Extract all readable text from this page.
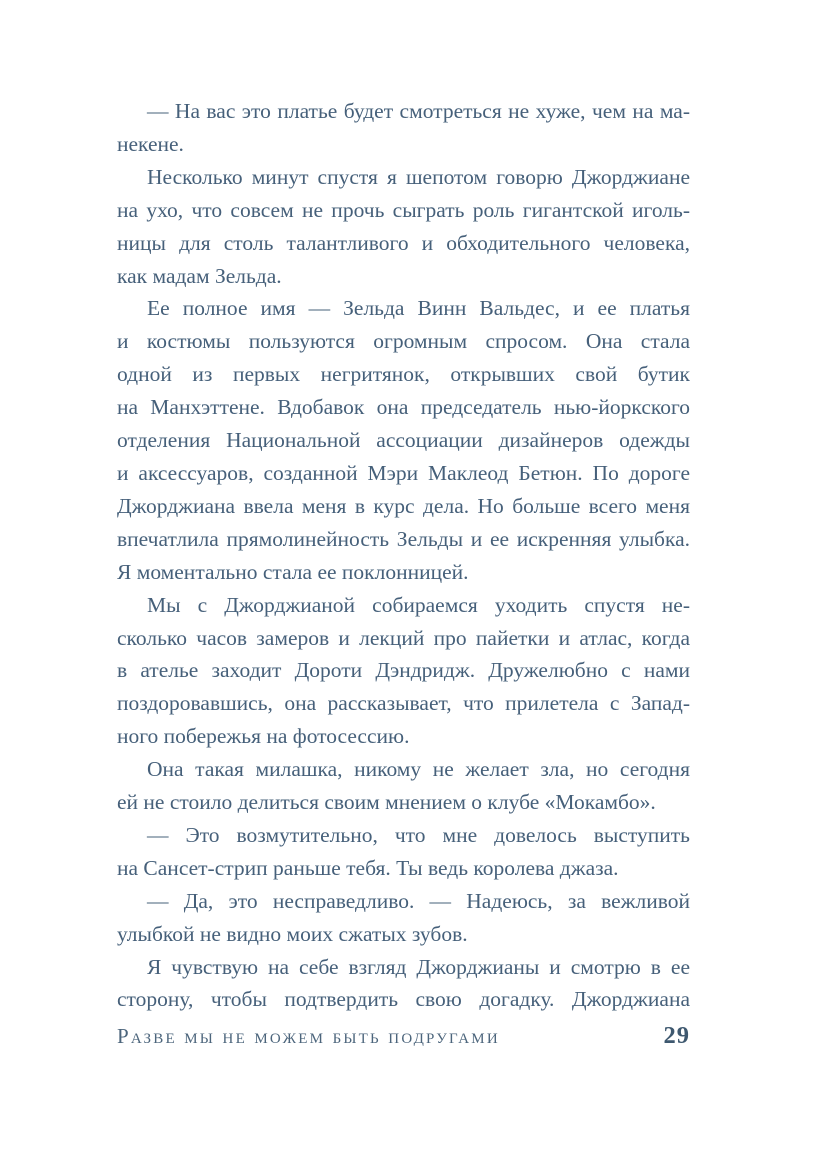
— На вас это платье будет смотреться не хуже, чем на ма-
некене.
Несколько минут спустя я шепотом говорю Джорджиане
на ухо, что совсем не прочь сыграть роль гигантской иголь-
ницы для столь талантливого и обходительного человека,
как мадам Зельда.
Ее полное имя — Зельда Винн Вальдес, и ее платья
и костюмы пользуются огромным спросом. Она стала
одной из первых негритянок, открывших свой бутик
на Манхэттене. Вдобавок она председатель нью-йоркского
отделения Национальной ассоциации дизайнеров одежды
и аксессуаров, созданной Мэри Маклеод Бетюн. По дороге
Джорджиана ввела меня в курс дела. Но больше всего меня
впечатлила прямолинейность Зельды и ее искренняя улыбка.
Я моментально стала ее поклонницей.
Мы с Джорджианой собираемся уходить спустя не-
сколько часов замеров и лекций про пайетки и атлас, когда
в ателье заходит Дороти Дэндридж. Дружелюбно с нами
поздоровавшись, она рассказывает, что прилетела с Запад-
ного побережья на фотосессию.
Она такая милашка, никому не желает зла, но сегодня
ей не стоило делиться своим мнением о клубе «Мокамбо».
— Это возмутительно, что мне довелось выступить
на Сансет-стрип раньше тебя. Ты ведь королева джаза.
— Да, это несправедливо. — Надеюсь, за вежливой
улыбкой не видно моих сжатых зубов.
Я чувствую на себе взгляд Джорджианы и смотрю в ее
сторону, чтобы подтвердить свою догадку. Джорджиана
Разве мы не можем быть подругами	29
